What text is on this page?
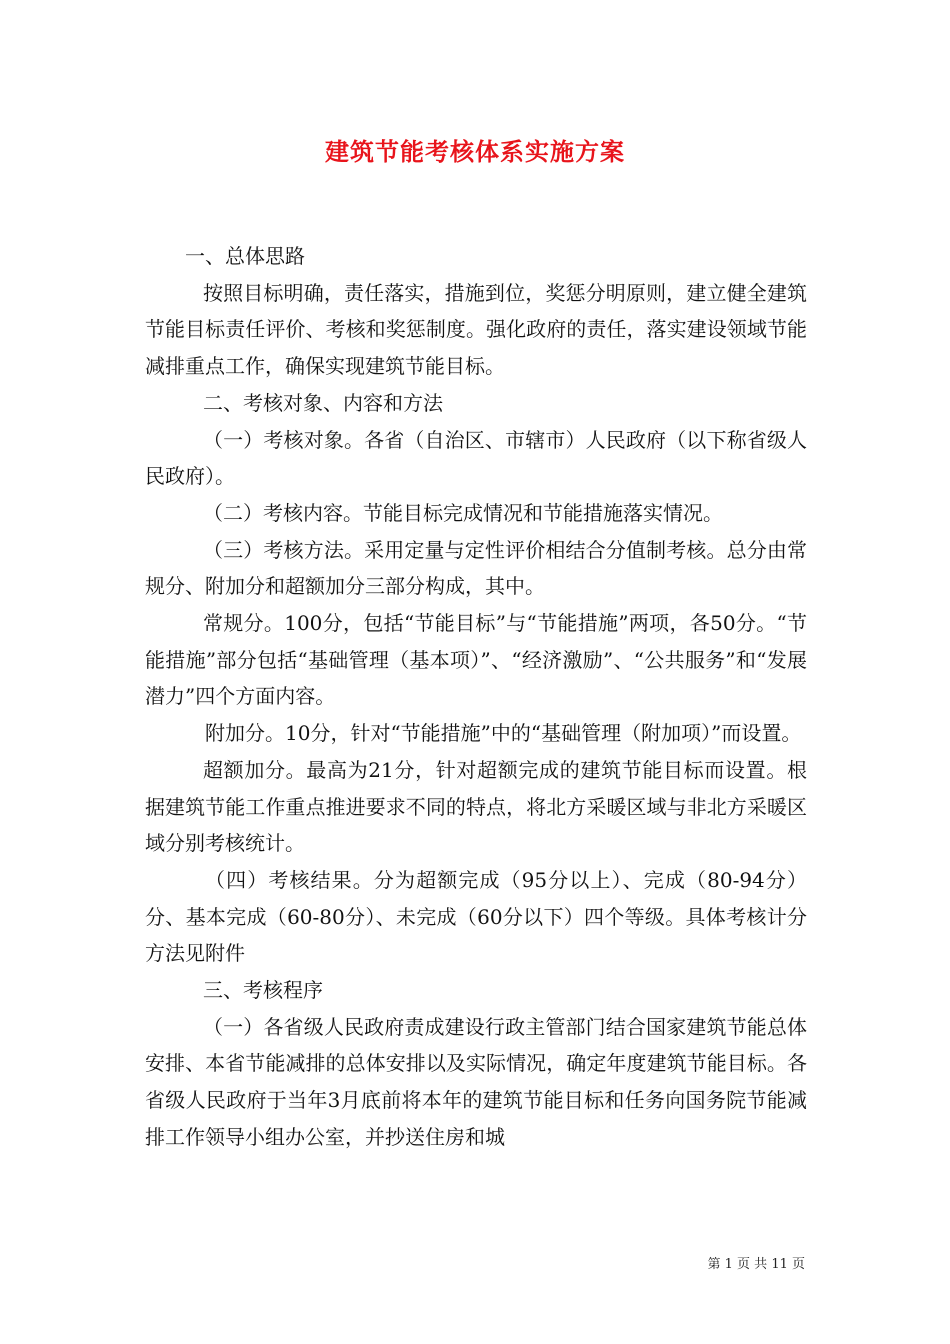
建筑节能考核体系实施方案

一、总体思路

按照目标明确，责任落实，措施到位，奖惩分明原则，建立健全建筑节能目标责任评价、考核和奖惩制度。强化政府的责任，落实建设领域节能减排重点工作，确保实现建筑节能目标。

二、考核对象、内容和方法

（一）考核对象。各省（自治区、市辖市）人民政府（以下称省级人民政府）。

（二）考核内容。节能目标完成情况和节能措施落实情况。

（三）考核方法。采用定量与定性评价相结合分值制考核。总分由常规分、附加分和超额加分三部分构成，其中。

常规分。100分，包括“节能目标”与“节能措施”两项，各50分。“节能措施”部分包括“基础管理（基本项）”、“经济激励”、“公共服务”和“发展潜力”四个方面内容。

附加分。10分，针对“节能措施”中的“基础管理（附加项）”而设置。

超额加分。最高为21分，针对超额完成的建筑节能目标而设置。根据建筑节能工作重点推进要求不同的特点，将北方采暖区域与非北方采暖区域分别考核统计。

（四）考核结果。分为超额完成（95分以上）、完成（80-94分）分、基本完成（60-80分）、未完成（60分以下）四个等级。具体考核计分方法见附件

三、考核程序

（一）各省级人民政府责成建设行政主管部门结合国家建筑节能总体安排、本省节能减排的总体安排以及实际情况，确定年度建筑节能目标。各省级人民政府于当年3月底前将本年的建筑节能目标和任务向国务院节能减排工作领导小组办公室，并抄送住房和城

第 1 页 共 11 页
